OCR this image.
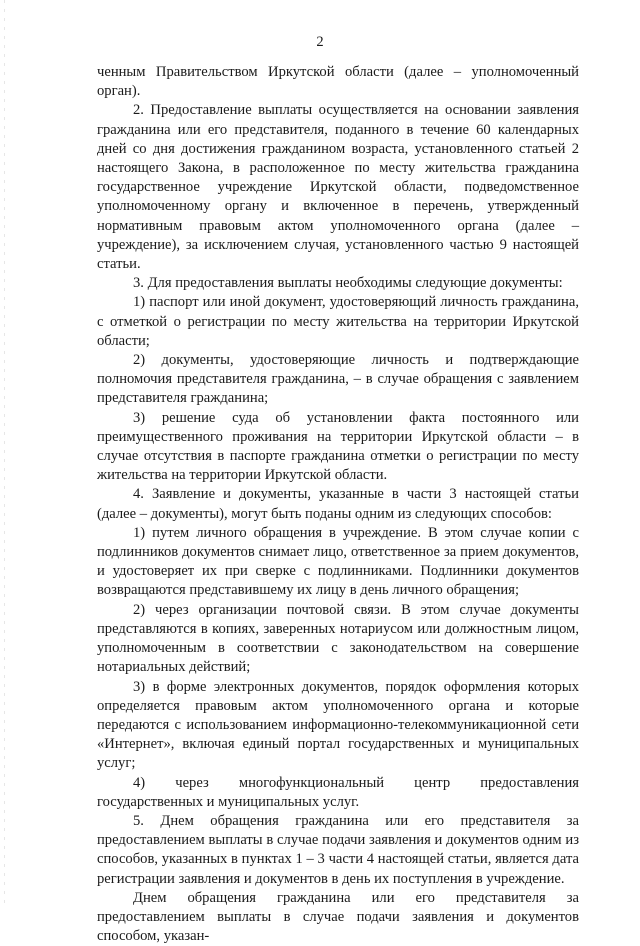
2

ченным Правительством Иркутской области (далее – уполномоченный орган).

2. Предоставление выплаты осуществляется на основании заявления гражданина или его представителя, поданного в течение 60 календарных дней со дня достижения гражданином возраста, установленного статьей 2 настоящего Закона, в расположенное по месту жительства гражданина государственное учреждение Иркутской области, подведомственное уполномоченному органу и включенное в перечень, утвержденный нормативным правовым актом уполномоченного органа (далее – учреждение), за исключением случая, установленного частью 9 настоящей статьи.

3. Для предоставления выплаты необходимы следующие документы:

1) паспорт или иной документ, удостоверяющий личность гражданина, с отметкой о регистрации по месту жительства на территории Иркутской области;

2) документы, удостоверяющие личность и подтверждающие полномочия представителя гражданина, – в случае обращения с заявлением представителя гражданина;

3) решение суда об установлении факта постоянного или преимущественного проживания на территории Иркутской области – в случае отсутствия в паспорте гражданина отметки о регистрации по месту жительства на территории Иркутской области.

4. Заявление и документы, указанные в части 3 настоящей статьи (далее – документы), могут быть поданы одним из следующих способов:

1) путем личного обращения в учреждение. В этом случае копии с подлинников документов снимает лицо, ответственное за прием документов, и удостоверяет их при сверке с подлинниками. Подлинники документов возвращаются представившему их лицу в день личного обращения;

2) через организации почтовой связи. В этом случае документы представляются в копиях, заверенных нотариусом или должностным лицом, уполномоченным в соответствии с законодательством на совершение нотариальных действий;

3) в форме электронных документов, порядок оформления которых определяется правовым актом уполномоченного органа и которые передаются с использованием информационно-телекоммуникационной сети «Интернет», включая единый портал государственных и муниципальных услуг;

4) через многофункциональный центр предоставления государственных и муниципальных услуг.

5. Днем обращения гражданина или его представителя за предоставлением выплаты в случае подачи заявления и документов одним из способов, указанных в пунктах 1 – 3 части 4 настоящей статьи, является дата регистрации заявления и документов в день их поступления в учреждение.

Днем обращения гражданина или его представителя за предоставлением выплаты в случае подачи заявления и документов способом, указан-
